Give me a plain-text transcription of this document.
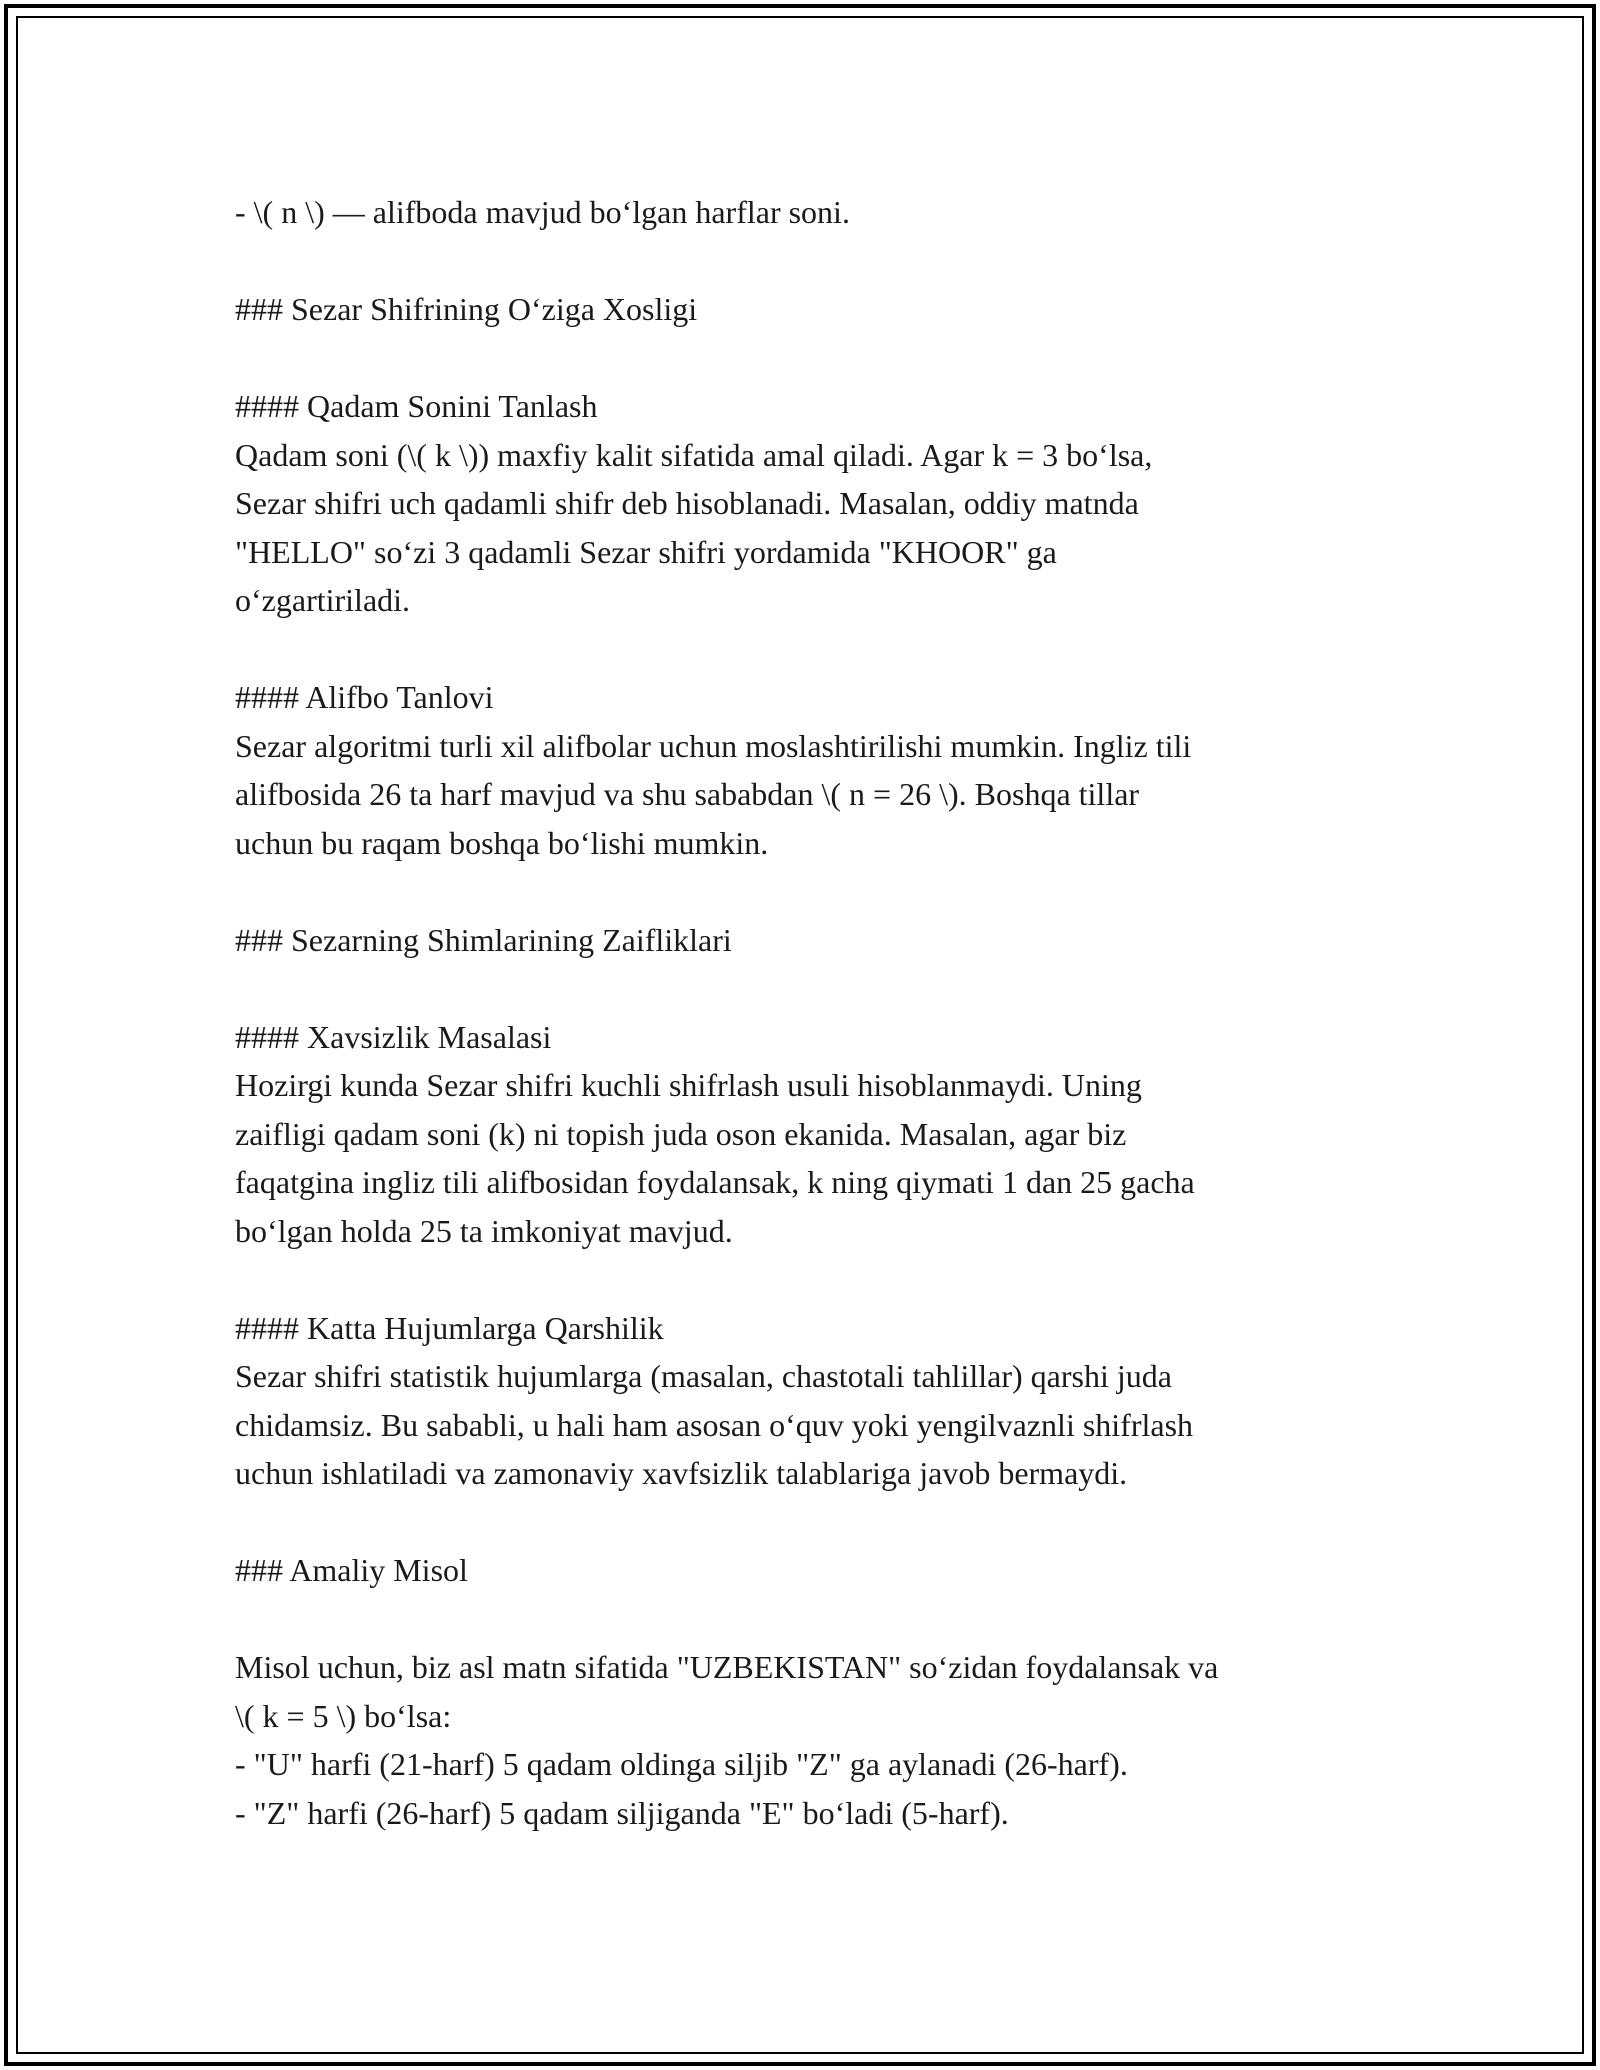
- \( n \) — alifboda mavjud bo‘lgan harflar soni.

### Sezar Shifrining O‘ziga Xosligi

#### Qadam Sonini Tanlash

Qadam soni (\( k \)) maxfiy kalit sifatida amal qiladi. Agar k = 3 bo‘lsa,

Sezar shifri uch qadamli shifr deb hisoblanadi. Masalan, oddiy matnda

"HELLO" so‘zi 3 qadamli Sezar shifri yordamida "KHOOR" ga

o‘zgartiriladi.

#### Alifbo Tanlovi

Sezar algoritmi turli xil alifbolar uchun moslashtirilishi mumkin. Ingliz tili

alifbosida 26 ta harf mavjud va shu sababdan \( n = 26 \). Boshqa tillar

uchun bu raqam boshqa bo‘lishi mumkin.

### Sezarning Shimlarining Zaifliklari

#### Xavsizlik Masalasi

Hozirgi kunda Sezar shifri kuchli shifrlash usuli hisoblanmaydi. Uning

zaifligi qadam soni (k) ni topish juda oson ekanida. Masalan, agar biz

faqatgina ingliz tili alifbosidan foydalansak, k ning qiymati 1 dan 25 gacha

bo‘lgan holda 25 ta imkoniyat mavjud.

#### Katta Hujumlarga Qarshilik

Sezar shifri statistik hujumlarga (masalan, chastotali tahlillar) qarshi juda

chidamsiz. Bu sababli, u hali ham asosan o‘quv yoki yengilvaznli shifrlash

uchun ishlatiladi va zamonaviy xavfsizlik talablariga javob bermaydi.

### Amaliy Misol

Misol uchun, biz asl matn sifatida "UZBEKISTAN" so‘zidan foydalansak va

\( k = 5 \) bo‘lsa:

- "U" harfi (21-harf) 5 qadam oldinga siljib "Z" ga aylanadi (26-harf).

- "Z" harfi (26-harf) 5 qadam siljiganda "E" bo‘ladi (5-harf).
